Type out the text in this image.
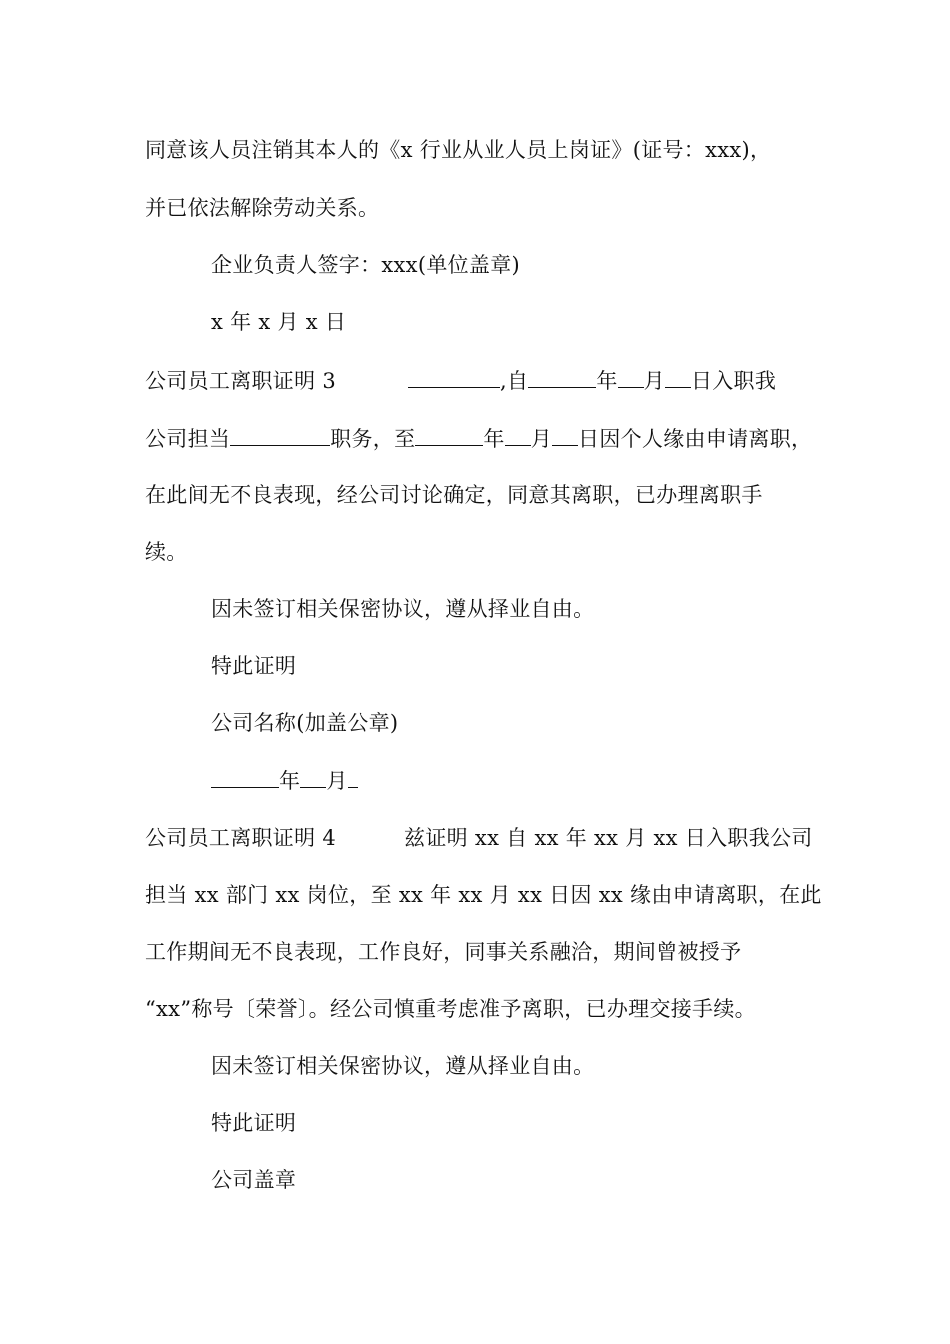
同意该人员注销其本人的《x 行业从业人员上岗证》(证号：xxx)，
并已依法解除劳动关系。
企业负责人签字：xxx(单位盖章)
x 年 x 月 x 日
公司员工离职证明 3	,自	年 月 日入职我
公司担当	职务，至	年 月 日因个人缘由申请离职，
在此间无不良表现，经公司讨论确定，同意其离职，已办理离职手
续。
因未签订相关保密协议，遵从择业自由。
特此证明
公司名称(加盖公章)
年 月
公司员工离职证明 4	兹证明 xx 自 xx 年 xx 月 xx 日入职我公司
担当 xx 部门 xx 岗位，至 xx 年 xx 月 xx 日因 xx 缘由申请离职，在此
工作期间无不良表现，工作良好，同事关系融洽，期间曾被授予
“xx”称号〔荣誉〕。经公司慎重考虑准予离职，已办理交接手续。
因未签订相关保密协议，遵从择业自由。
特此证明
公司盖章
